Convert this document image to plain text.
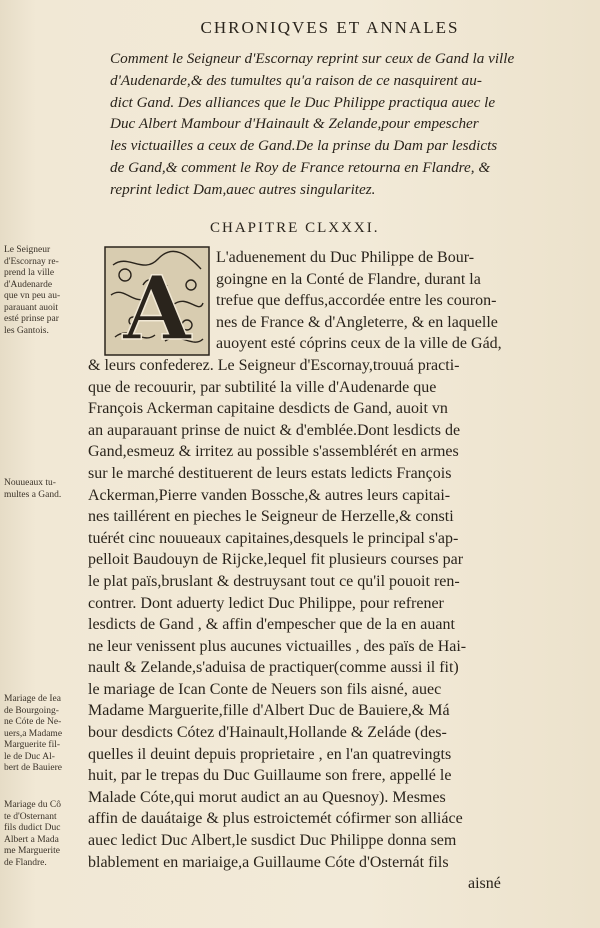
CHRONIQVES ET ANNALES
Comment le Seigneur d'Escornay reprint sur ceux de Gand la ville
d'Audenarde,& des tumultes qu'a raison de ce nasquirent au-
dict Gand. Des alliances que le Duc Philippe practiqua auec le
Duc Albert Mambour d'Hainault & Zelande,pour empescher
les victuailles a ceux de Gand.De la prinse du Dam par lesdicts
de Gand,& comment le Roy de France retourna en Flandre, &
reprint ledict Dam,auec autres singularitez.
CHAPITRE CLXXXI.
A	L'aduenement du Duc Philippe de Bour-
goingne en la Conté de Flandre, durant la
trefue que deffus,accordée entre les couron-
nes de France & d'Angleterre, & en laquelle
auoyent esté cóprins ceux de la ville de Gád,
& leurs confederez. Le Seigneur d'Escornay,trouuá practi-
que de recouurir, par subtilité la ville d'Audenarde que
François Ackerman capitaine desdicts de Gand, auoit vn
an auparauant prinse de nuict & d'emblée.Dont lesdicts de
Gand,esmeuz & irritez au possible s'assemblérét en armes
sur le marché destituerent de leurs estats ledicts François
Ackerman,Pierre vanden Bossche,& autres leurs capitai-
nes taillérent en pieches le Seigneur de Herzelle,& consti
tuérét cinc nouueaux capitaines,desquels le principal s'ap-
pelloit Baudouyn de Rijcke,lequel fit plusieurs courses par
le plat païs,bruslant & destruysant tout ce qu'il pouoit ren-
contrer. Dont aduerty ledict Duc Philippe, pour refrener
lesdicts de Gand , & affin d'empescher que de la en auant
ne leur venissent plus aucunes victuailles , des païs de Hai-
nault & Zelande,s'aduisa de practiquer(comme aussi il fit)
le mariage de Ican Conte de Neuers son fils aisné, auec
Madame Marguerite,fille d'Albert Duc de Bauiere,& Má
bour desdicts Cótez d'Hainault,Hollande & Zeláde (des-
quelles il deuint depuis proprietaire , en l'an quatrevingts
huit, par le trepas du Duc Guillaume son frere, appellé le
Malade Cóte,qui morut audict an au Quesnoy). Mesmes
affin de dauátaige & plus estroictemét cófirmer son alliáce
auec ledict Duc Albert,le susdict Duc Philippe donna sem
blablement en mariaige,a Guillaume Cóte d'Osternát fils
aisné
Le Seigneur
d'Escornay re-
prend la ville
d'Audenarde
que vn peu au-
parauant auoit
esté prinse par
les Gantois.
Nouueaux tu-
multes a Gand.
Mariage de Iea
de Bourgoing-
ne Cóte de Ne-
uers,a Madame
Marguerite fil-
le de Duc Al-
bert de Bauiere
Mariage du Cô
te d'Osternant
fils dudict Duc
Albert a Mada
me Marguerite
de Flandre.
